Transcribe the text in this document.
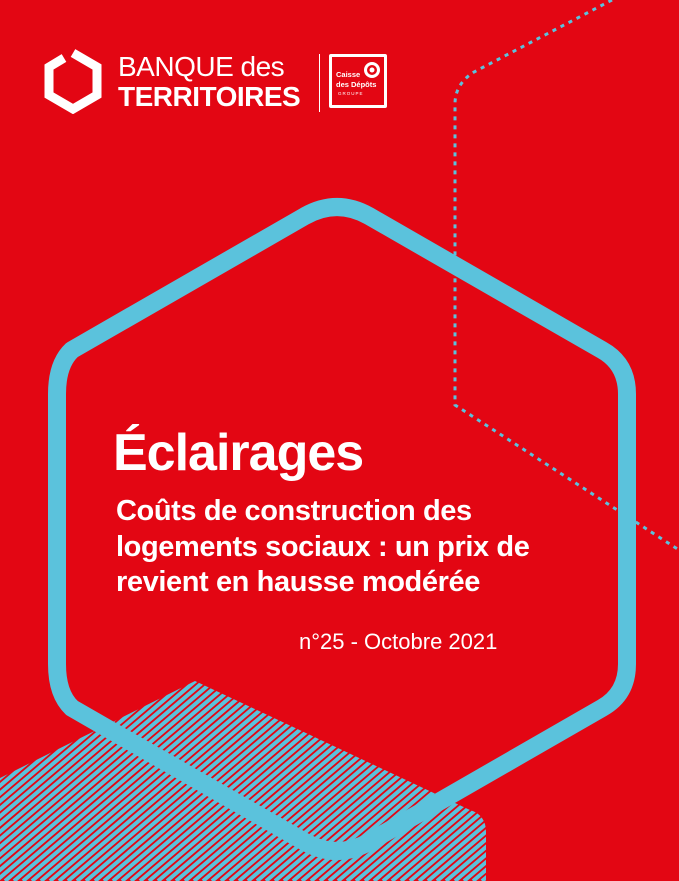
BANQUE des
TERRITOIRES
Caisse
des Dépôts
GROUPE
Éclairages
Coûts de construction des logements sociaux : un prix de revient en hausse modérée
n°25 - Octobre 2021
